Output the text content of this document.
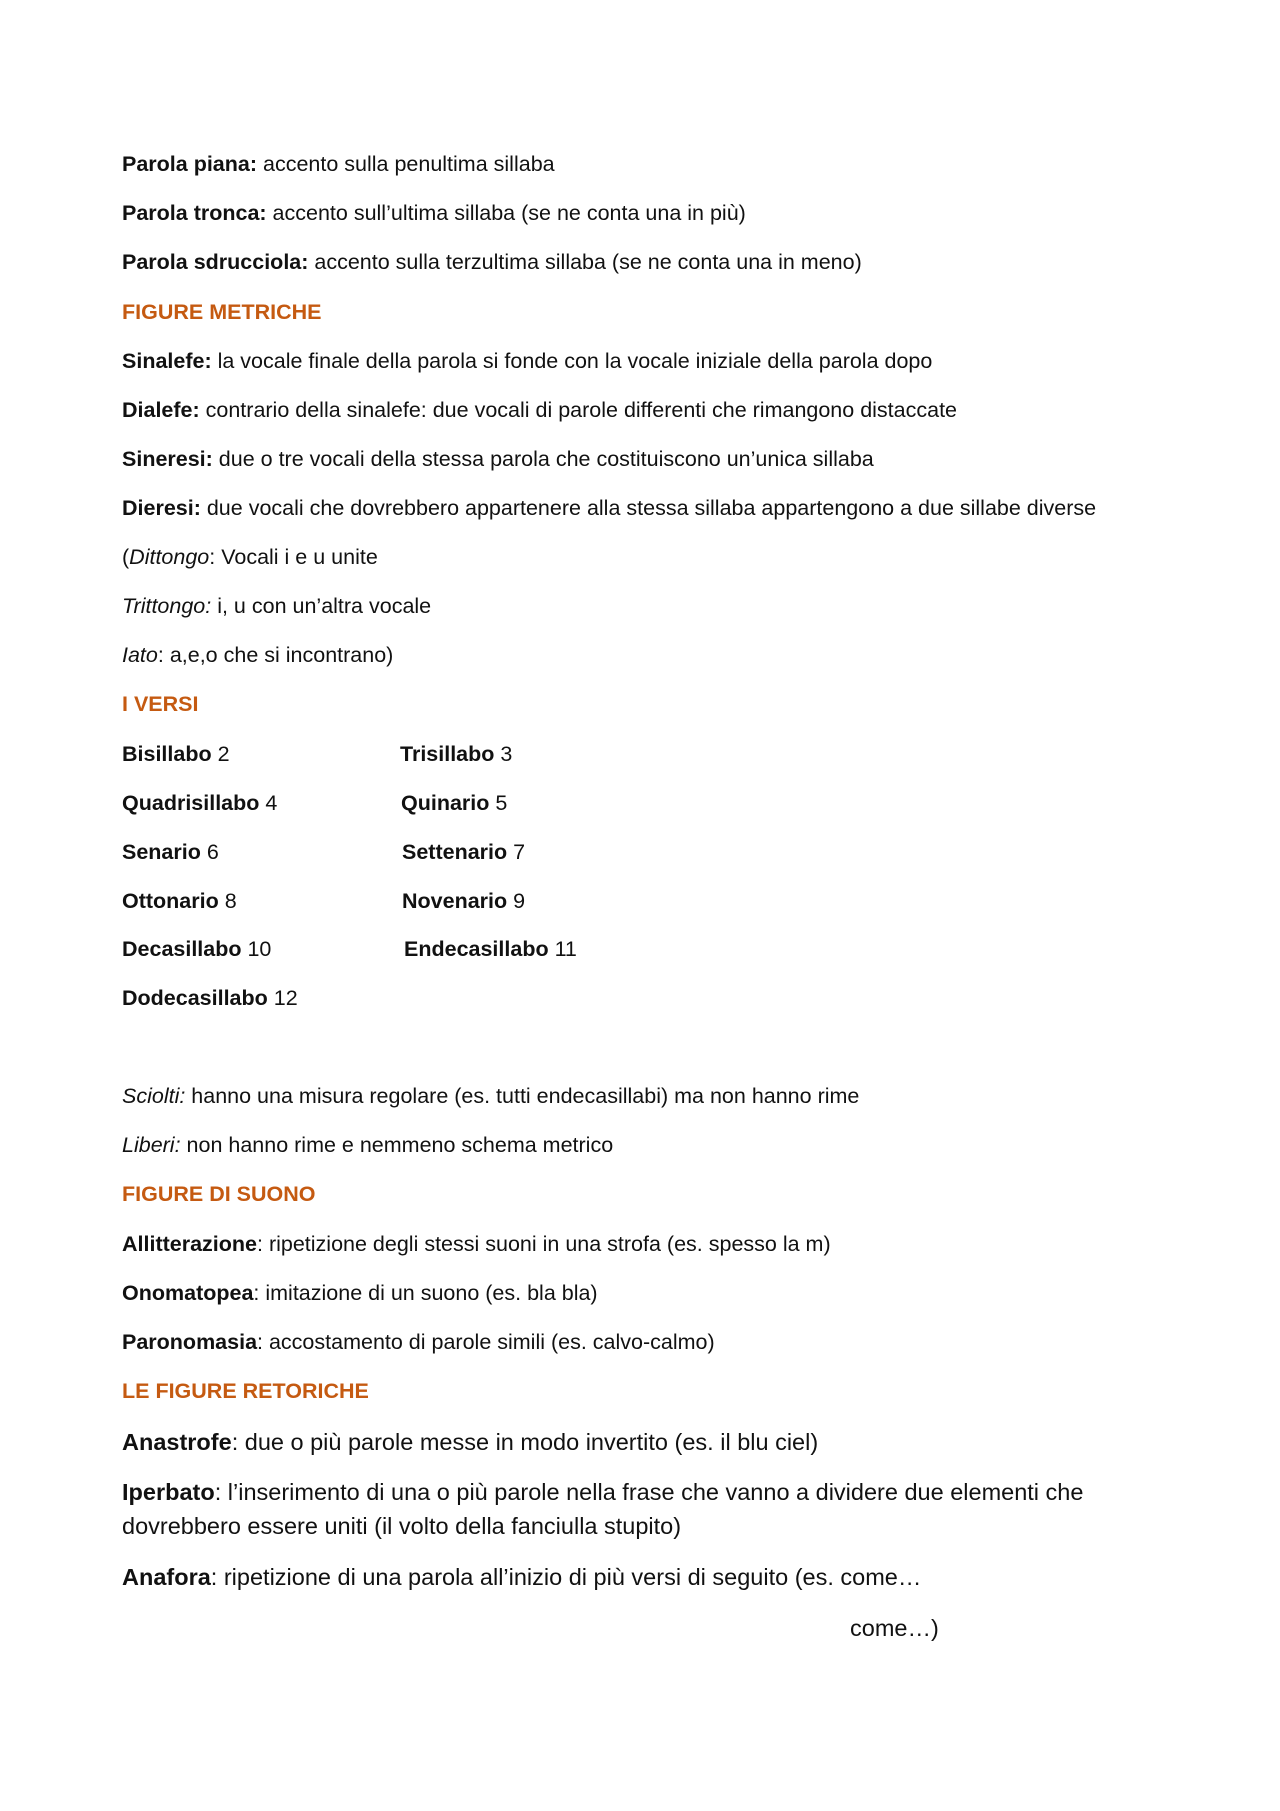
Parola piana: accento sulla penultima sillaba
Parola tronca: accento sull’ultima sillaba (se ne conta una in più)
Parola sdrucciola: accento sulla terzultima sillaba (se ne conta una in meno)
FIGURE METRICHE
Sinalefe: la vocale finale della parola si fonde con la vocale iniziale della parola dopo
Dialefe: contrario della sinalefe: due vocali di parole differenti che rimangono distaccate
Sineresi: due o tre vocali della stessa parola che costituiscono un’unica sillaba
Dieresi: due vocali che dovrebbero appartenere alla stessa sillaba appartengono a due sillabe diverse
(Dittongo: Vocali i e u unite
Trittongo: i, u con un’altra vocale
Iato: a,e,o che si incontrano)
I VERSI
Bisillabo 2	Trisillabo 3
Quadrisillabo 4	Quinario 5
Senario 6	Settenario 7
Ottonario 8	Novenario 9
Decasillabo 10	Endecasillabo 11
Dodecasillabo 12
Sciolti: hanno una misura regolare (es. tutti endecasillabi) ma non hanno rime
Liberi: non hanno rime e nemmeno schema metrico
FIGURE DI SUONO
Allitterazione: ripetizione degli stessi suoni in una strofa (es. spesso la m)
Onomatopea: imitazione di un suono (es. bla bla)
Paronomasia: accostamento di parole simili (es. calvo-calmo)
LE FIGURE RETORICHE
Anastrofe: due o più parole messe in modo invertito (es. il blu ciel)
Iperbato: l’inserimento di una o più parole nella frase che vanno a dividere due elementi che
dovrebbero essere uniti (il volto della fanciulla stupito)
Anafora: ripetizione di una parola all’inizio di più versi di seguito (es. come…
come…)
